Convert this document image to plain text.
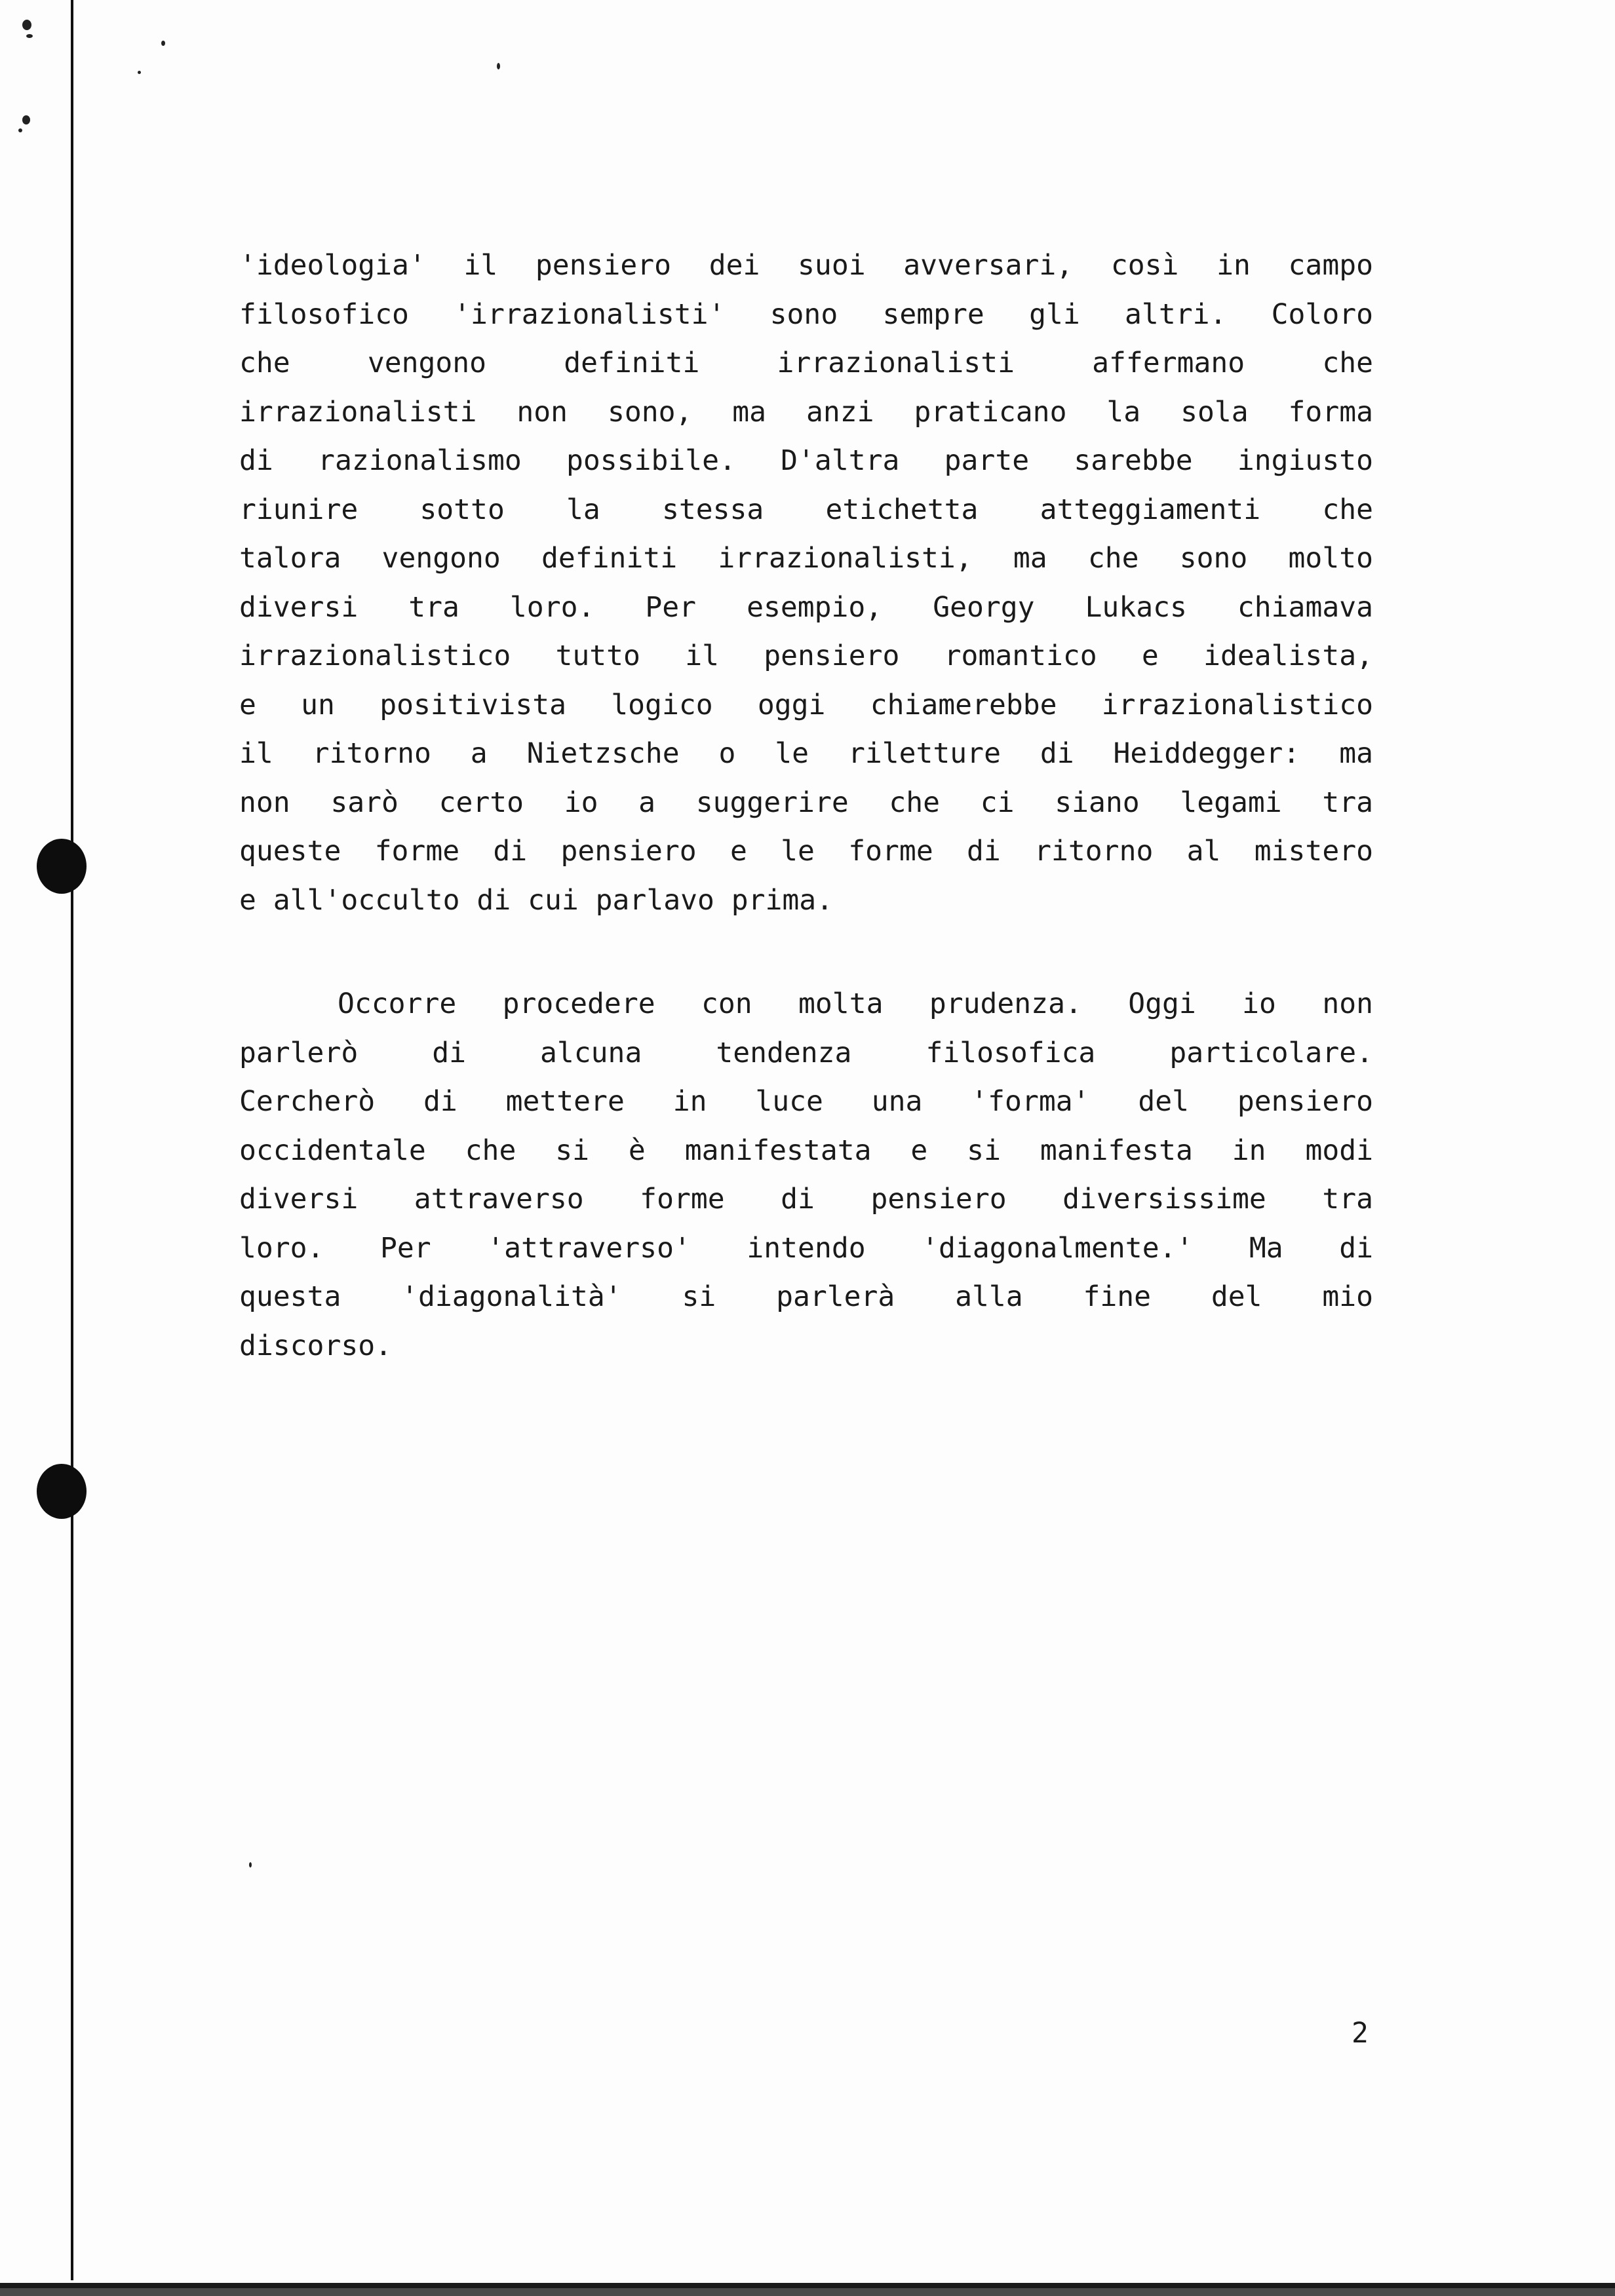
'ideologia' il pensiero dei suoi avversari, così in campo
filosofico 'irrazionalisti' sono sempre gli altri. Coloro
che vengono definiti irrazionalisti affermano che
irrazionalisti non sono, ma anzi praticano la sola forma
di razionalismo possibile. D'altra parte sarebbe ingiusto
riunire sotto la stessa etichetta atteggiamenti che
talora vengono definiti irrazionalisti, ma che sono molto
diversi tra loro. Per esempio, Georgy Lukacs chiamava
irrazionalistico tutto il pensiero romantico e idealista,
e un positivista logico oggi chiamerebbe irrazionalistico
il ritorno a Nietzsche o le riletture di Heiddegger: ma
non sarò certo io a suggerire che ci siano legami tra
queste forme di pensiero e le forme di ritorno al mistero
e all'occulto di cui parlavo prima.
Occorre procedere con molta prudenza. Oggi io non
parlerò di alcuna tendenza filosofica particolare.
Cercherò di mettere in luce una 'forma' del pensiero
occidentale che si è manifestata e si manifesta in modi
diversi attraverso forme di pensiero diversissime tra
loro. Per 'attraverso' intendo 'diagonalmente.' Ma di
questa 'diagonalità' si parlerà alla fine del mio
discorso.
2
